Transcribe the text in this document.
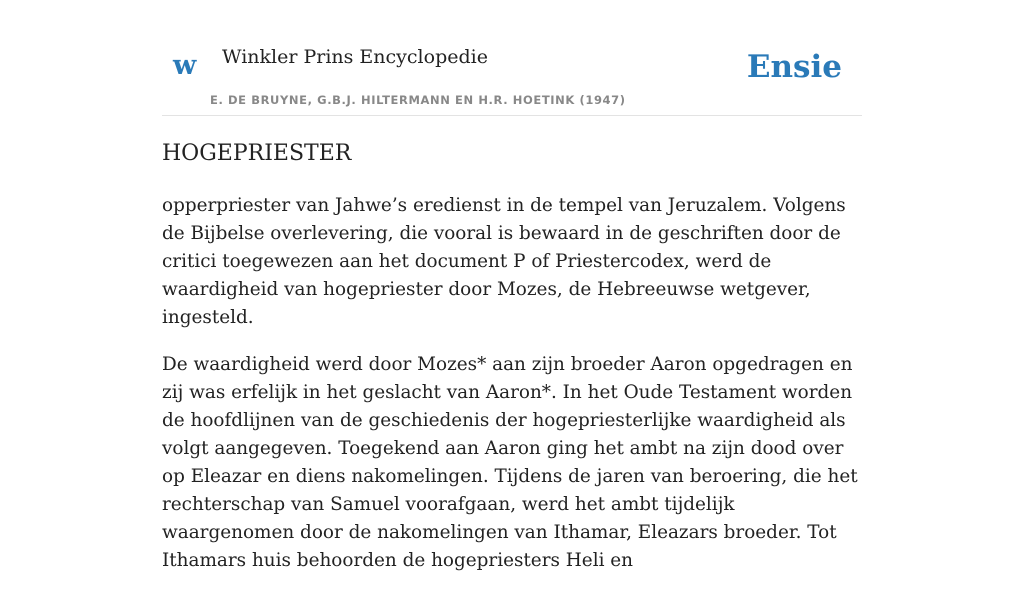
w Winkler Prins Encyclopedie
E. DE BRUYNE, G.B.J. HILTERMANN EN H.R. HOETINK (1947)
Ensie
HOGEPRIESTER

opperpriester van Jahwe’s eredienst in de tempel van Jeruzalem. Volgens de Bijbelse overlevering, die vooral is bewaard in de geschriften door de critici toegewezen aan het document P of Priestercodex, werd de waardigheid van hogepriester door Mozes, de Hebreeuwse wetgever, ingesteld.

De waardigheid werd door Mozes* aan zijn broeder Aaron opgedragen en zij was erfelijk in het geslacht van Aaron*. In het Oude Testament worden de hoofdlijnen van de geschiedenis der hogepriesterlijke waardigheid als volgt aangegeven. Toegekend aan Aaron ging het ambt na zijn dood over op Eleazar en diens nakomelingen. Tijdens de jaren van beroering, die het rechterschap van Samuel voorafgaan, werd het ambt tijdelijk waargenomen door de nakomelingen van Ithamar, Eleazars broeder. Tot Ithamars huis behoorden de hogepriesters Heli en
